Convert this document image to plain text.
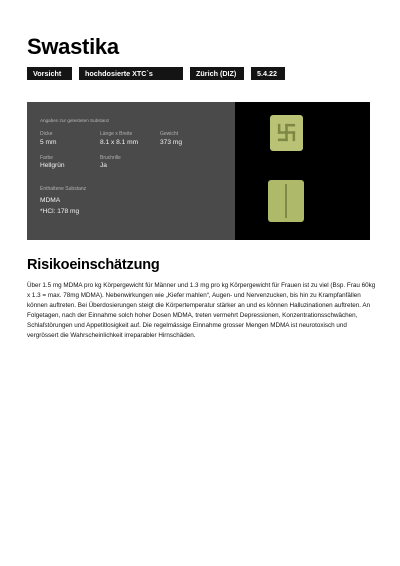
Swastika
Vorsicht	hochdosierte XTC`s	Zürich (DIZ)	5.4.22
Angaben zur getesteten Substanz
Dicke
5 mm
Länge x Breite
8.1 x 8.1 mm
Gewicht
373 mg
Farbe
Hellgrün
Bruchrille
Ja
Enthaltene Substanz
MDMA
*HCl: 178 mg
Risikoeinschätzung

Über 1.5 mg MDMA pro kg Körpergewicht für Männer und 1.3 mg pro kg Körpergewicht für Frauen ist zu viel (Bsp. Frau 60kg x 1.3 = max. 78mg MDMA). Nebenwirkungen wie „Kiefer mahlen“, Augen- und Nervenzucken, bis hin zu Krampfanfällen können auftreten. Bei Überdosierungen steigt die Körpertemperatur stärker an und es können Halluzinationen auftreten. An Folgetagen, nach der Einnahme solch hoher Dosen MDMA, treten vermehrt Depressionen, Konzentrationsschwächen, Schlafstörungen und Appetitlosigkeit auf. Die regelmässige Einnahme grosser Mengen MDMA ist neurotoxisch und vergrössert die Wahrscheinlichkeit irreparabler Hirnschäden.
